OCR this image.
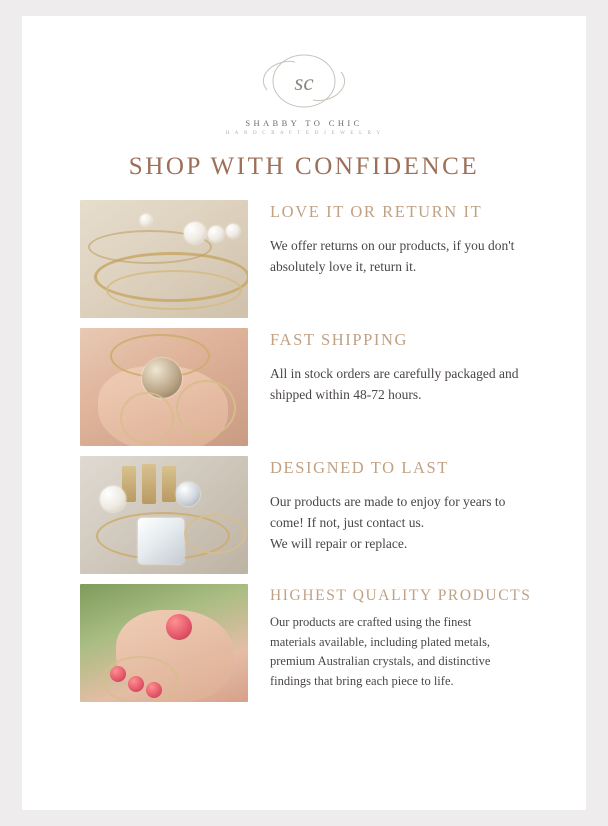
sc
SHABBY TO CHIC
H A N D C R A F T E D J E W E L R Y
SHOP WITH CONFIDENCE
LOVE IT OR RETURN IT

We offer returns on our products, if you don't absolutely love it, return it.

FAST SHIPPING

All in stock orders are carefully packaged and shipped within 48-72 hours.

DESIGNED TO LAST

Our products are made to enjoy for years to come! If not, just contact us.
We will repair or replace.

HIGHEST QUALITY PRODUCTS

Our products are crafted using the finest materials available, including plated metals, premium Australian crystals, and distinctive findings that bring each piece to life.
